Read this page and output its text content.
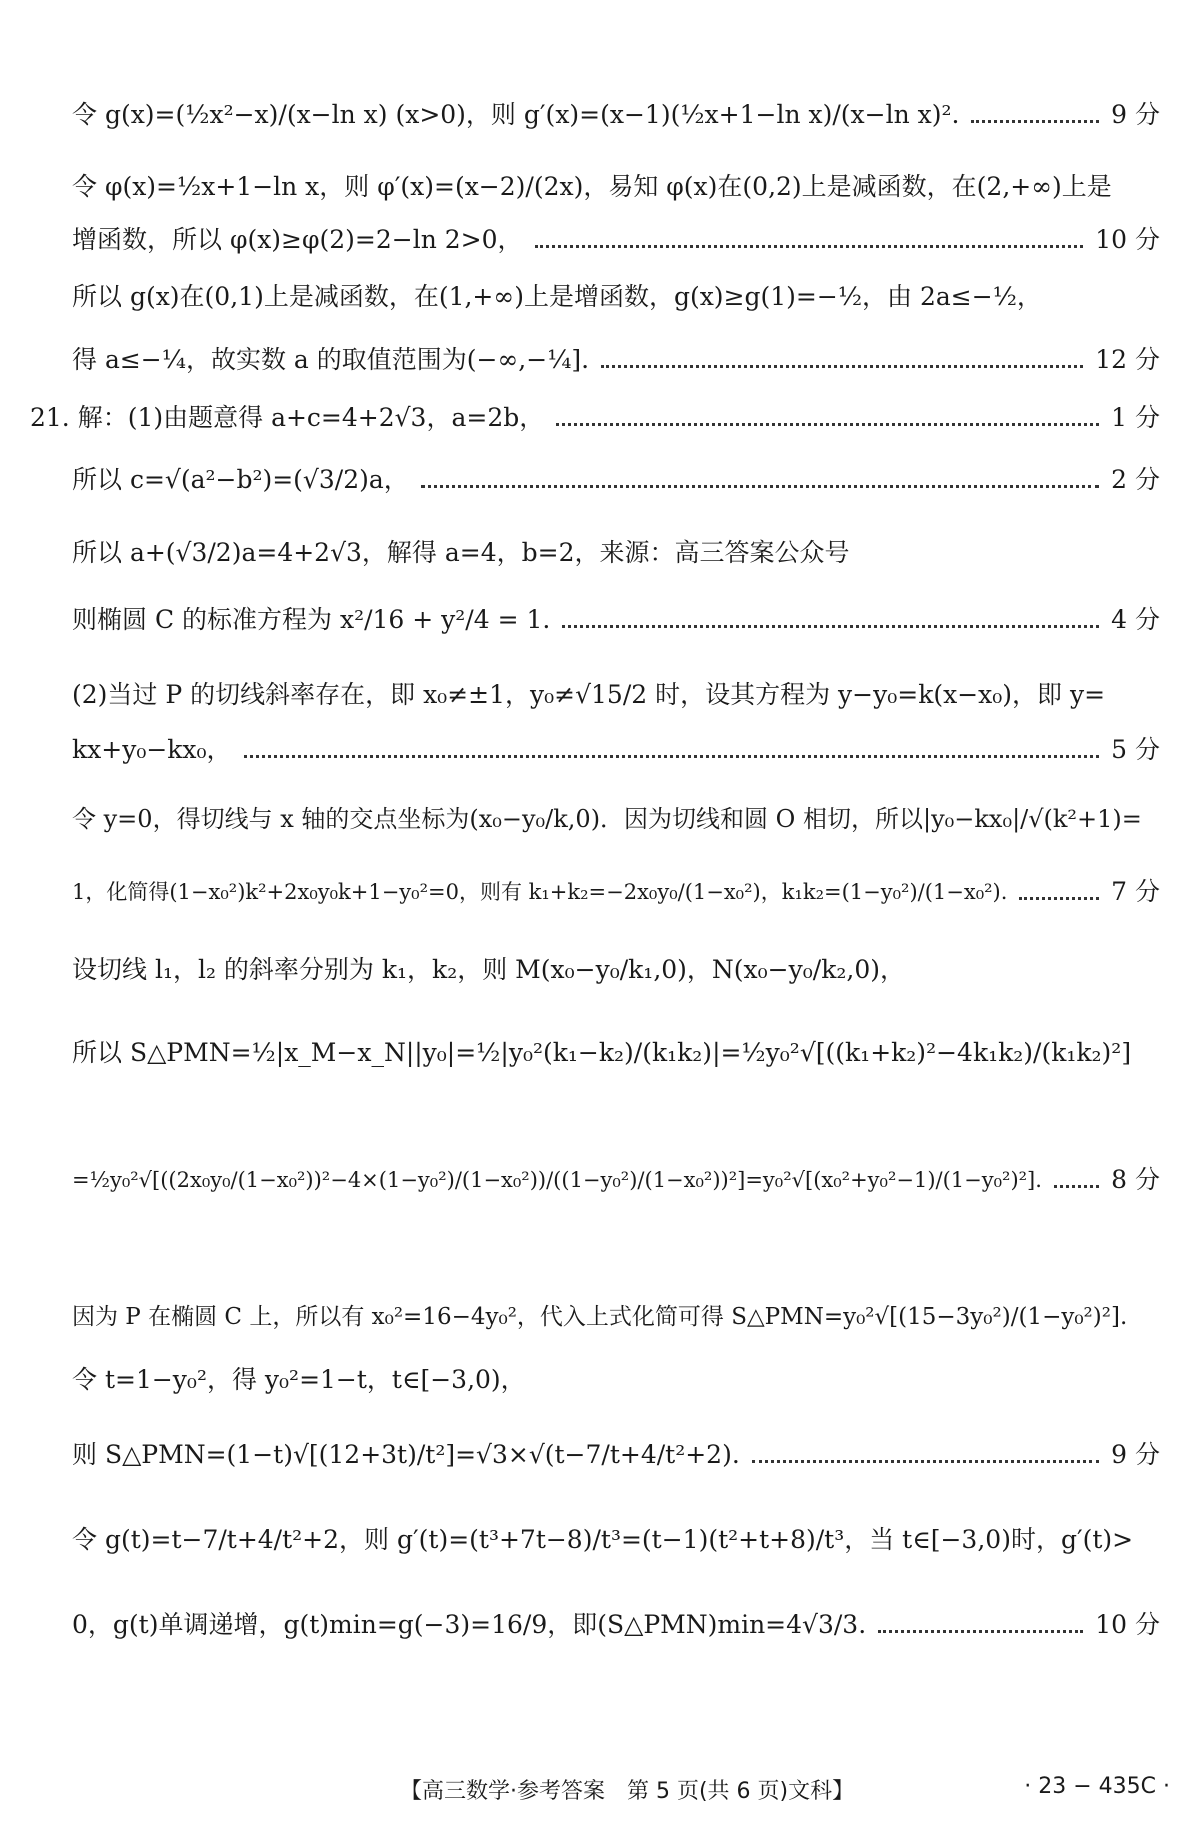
令 g(x)=(½x²−x)/(x−ln x) (x>0)，则 g′(x)=(x−1)(½x+1−ln x)/(x−ln x)².	9 分
令 φ(x)=½x+1−ln x，则 φ′(x)=(x−2)/(2x)，易知 φ(x)在(0,2)上是减函数，在(2,+∞)上是
增函数，所以 φ(x)≥φ(2)=2−ln 2>0，	10 分
所以 g(x)在(0,1)上是减函数，在(1,+∞)上是增函数，g(x)≥g(1)=−½，由 2a≤−½，
得 a≤−¼，故实数 a 的取值范围为(−∞,−¼].	12 分
21. 解：(1)由题意得 a+c=4+2√3，a=2b，	1 分
所以 c=√(a²−b²)=(√3/2)a，	2 分
所以 a+(√3/2)a=4+2√3，解得 a=4，b=2，来源：高三答案公众号
则椭圆 C 的标准方程为 x²/16 + y²/4 = 1.	4 分
(2)当过 P 的切线斜率存在，即 x₀≠±1，y₀≠√15/2 时，设其方程为 y−y₀=k(x−x₀)，即 y=
kx+y₀−kx₀，	5 分
令 y=0，得切线与 x 轴的交点坐标为(x₀−y₀/k,0)．因为切线和圆 O 相切，所以|y₀−kx₀|/√(k²+1)=
1，化简得(1−x₀²)k²+2x₀y₀k+1−y₀²=0，则有 k₁+k₂=−2x₀y₀/(1−x₀²)，k₁k₂=(1−y₀²)/(1−x₀²).	7 分
设切线 l₁，l₂ 的斜率分别为 k₁，k₂，则 M(x₀−y₀/k₁,0)，N(x₀−y₀/k₂,0)，
所以 S△PMN=½|x_M−x_N||y₀|=½|y₀²(k₁−k₂)/(k₁k₂)|=½y₀²√[((k₁+k₂)²−4k₁k₂)/(k₁k₂)²]
=½y₀²√[((2x₀y₀/(1−x₀²))²−4×(1−y₀²)/(1−x₀²))/((1−y₀²)/(1−x₀²))²]=y₀²√[(x₀²+y₀²−1)/(1−y₀²)²].	8 分
因为 P 在椭圆 C 上，所以有 x₀²=16−4y₀²，代入上式化简可得 S△PMN=y₀²√[(15−3y₀²)/(1−y₀²)²].
令 t=1−y₀²，得 y₀²=1−t，t∈[−3,0)，
则 S△PMN=(1−t)√[(12+3t)/t²]=√3×√(t−7/t+4/t²+2).	9 分
令 g(t)=t−7/t+4/t²+2，则 g′(t)=(t³+7t−8)/t³=(t−1)(t²+t+8)/t³，当 t∈[−3,0)时，g′(t)>
0，g(t)单调递增，g(t)min=g(−3)=16/9，即(S△PMN)min=4√3/3.	10 分
【高三数学·参考答案　第 5 页(共 6 页)文科】	· 23 − 435C ·
